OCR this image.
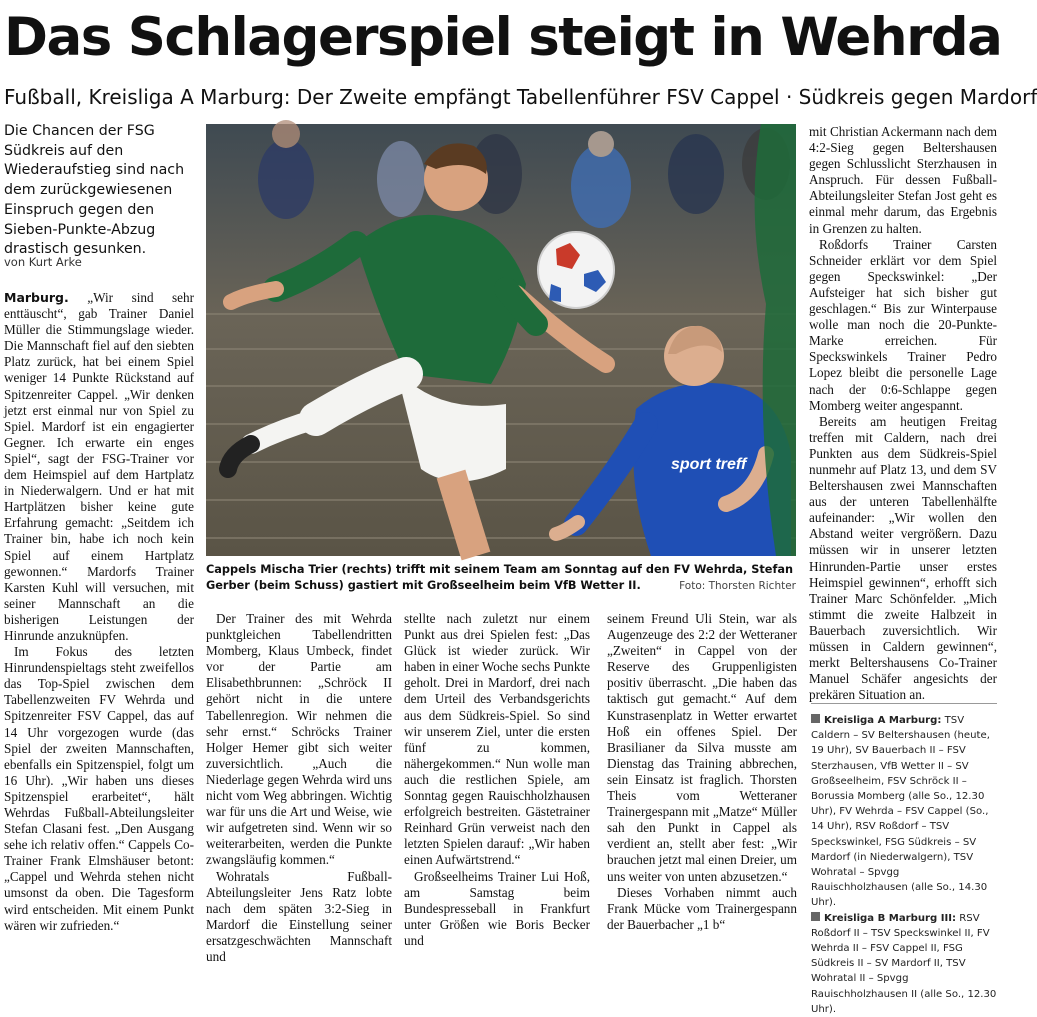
Das Schlagerspiel steigt in Wehrda
Fußball, Kreisliga A Marburg: Der Zweite empfängt Tabellenführer FSV Cappel · Südkreis gegen Mardorf
Die Chancen der FSG Südkreis auf den Wiederaufstieg sind nach dem zurückgewiesenen Einspruch gegen den Sieben-Punkte-Abzug drastisch gesunken.
von Kurt Arke

Marburg. „Wir sind sehr enttäuscht“, gab Trainer Daniel Müller die Stimmungslage wieder. Die Mannschaft fiel auf den siebten Platz zurück, hat bei einem Spiel weniger 14 Punkte Rückstand auf Spitzenreiter Cappel. „Wir denken jetzt erst einmal nur von Spiel zu Spiel. Mardorf ist ein engagierter Gegner. Ich erwarte ein enges Spiel“, sagt der FSG-Trainer vor dem Heimspiel auf dem Hartplatz in Niederwalgern. Und er hat mit Hartplätzen bisher keine gute Erfahrung gemacht: „Seitdem ich Trainer bin, habe ich noch kein Spiel auf einem Hartplatz gewonnen.“ Mardorfs Trainer Karsten Kuhl will versuchen, mit seiner Mannschaft an die bisherigen Leistungen der Hinrunde anzuknüpfen.

Im Fokus des letzten Hinrundenspieltags steht zweifellos das Top-Spiel zwischen dem Tabellenzweiten FV Wehrda und Spitzenreiter FSV Cappel, das auf 14 Uhr vorgezogen wurde (das Spiel der zweiten Mannschaften, ebenfalls ein Spitzenspiel, folgt um 16 Uhr). „Wir haben uns dieses Spitzenspiel erarbeitet“, hält Wehrdas Fußball-Abteilungsleiter Stefan Clasani fest. „Den Ausgang sehe ich relativ offen.“ Cappels Co-Trainer Frank Elmshäuser betont: „Cappel und Wehrda stehen nicht umsonst da oben. Die Tagesform wird entscheiden. Mit einem Punkt wären wir zufrieden.“

sport treff
Cappels Mischa Trier (rechts) trifft mit seinem Team am Sonntag auf den FV Wehrda, Stefan Gerber (beim Schuss) gastiert mit Großseelheim beim VfB Wetter II.	Foto: Thorsten Richter

Der Trainer des mit Wehrda punktgleichen Tabellendritten Momberg, Klaus Umbeck, findet vor der Partie am Elisabethbrunnen: „Schröck II gehört nicht in die untere Tabellenregion. Wir nehmen die sehr ernst.“ Schröcks Trainer Holger Hemer gibt sich weiter zuversichtlich. „Auch die Niederlage gegen Wehrda wird uns nicht vom Weg abbringen. Wichtig war für uns die Art und Weise, wie wir aufgetreten sind. Wenn wir so weiterarbeiten, werden die Punkte zwangsläufig kommen.“

Wohratals Fußball-Abteilungsleiter Jens Ratz lobte nach dem späten 3:2-Sieg in Mardorf die Einstellung seiner ersatzgeschwächten Mannschaft und

stellte nach zuletzt nur einem Punkt aus drei Spielen fest: „Das Glück ist wieder zurück. Wir haben in einer Woche sechs Punkte geholt. Drei in Mardorf, drei nach dem Urteil des Verbandsgerichts aus dem Südkreis-Spiel. So sind wir unserem Ziel, unter die ersten fünf zu kommen, nähergekommen.“ Nun wolle man auch die restlichen Spiele, am Sonntag gegen Rauischholzhausen erfolgreich bestreiten. Gästetrainer Reinhard Grün verweist nach den letzten Spielen darauf: „Wir haben einen Aufwärtstrend.“

Großseelheims Trainer Lui Hoß, am Samstag beim Bundespresseball in Frankfurt unter Größen wie Boris Becker und

seinem Freund Uli Stein, war als Augenzeuge des 2:2 der Wetteraner „Zweiten“ in Cappel von der Reserve des Gruppenligisten positiv überrascht. „Die haben das taktisch gut gemacht.“ Auf dem Kunstrasenplatz in Wetter erwartet Hoß ein offenes Spiel. Der Brasilianer da Silva musste am Dienstag das Training abbrechen, sein Einsatz ist fraglich. Thorsten Theis vom Wetteraner Trainergespann mit „Matze“ Müller sah den Punkt in Cappel als verdient an, stellt aber fest: „Wir brauchen jetzt mal einen Dreier, um uns weiter von unten abzusetzen.“

Dieses Vorhaben nimmt auch Frank Mücke vom Trainergespann der Bauerbacher „1 b“

mit Christian Ackermann nach dem 4:2-Sieg gegen Beltershausen gegen Schlusslicht Sterzhausen in Anspruch. Für dessen Fußball-Abteilungsleiter Stefan Jost geht es einmal mehr darum, das Ergebnis in Grenzen zu halten.

Roßdorfs Trainer Carsten Schneider erklärt vor dem Spiel gegen Speckswinkel: „Der Aufsteiger hat sich bisher gut geschlagen.“ Bis zur Winterpause wolle man noch die 20-Punkte-Marke erreichen. Für Speckswinkels Trainer Pedro Lopez bleibt die personelle Lage nach der 0:6-Schlappe gegen Momberg weiter angespannt.

Bereits am heutigen Freitag treffen mit Caldern, nach drei Punkten aus dem Südkreis-Spiel nunmehr auf Platz 13, und dem SV Beltershausen zwei Mannschaften aus der unteren Tabellenhälfte aufeinander: „Wir wollen den Abstand weiter vergrößern. Dazu müssen wir in unserer letzten Hinrunden-Partie unser erstes Heimspiel gewinnen“, erhofft sich Trainer Marc Schönfelder. „Mich stimmt die zweite Halbzeit in Bauerbach zuversichtlich. Wir müssen in Caldern gewinnen“, merkt Beltershausens Co-Trainer Manuel Schäfer angesichts der prekären Situation an.

Kreisliga A Marburg: TSV Caldern – SV Beltershausen (heute, 19 Uhr), SV Bauerbach II – FSV Sterzhausen, VfB Wetter II – SV Großseelheim, FSV Schröck II – Borussia Momberg (alle So., 12.30 Uhr), FV Wehrda – FSV Cappel (So., 14 Uhr), RSV Roßdorf – TSV Speckswinkel, FSG Südkreis – SV Mardorf (in Niederwalgern), TSV Wohratal – Spvgg Rauischholzhausen (alle So., 14.30 Uhr).
Kreisliga B Marburg III: RSV Roßdorf II – TSV Speckswinkel II, FV Wehrda II – FSV Cappel II, FSG Südkreis II – SV Mardorf II, TSV Wohratal II – Spvgg Rauischholzhausen II (alle So., 12.30 Uhr).
